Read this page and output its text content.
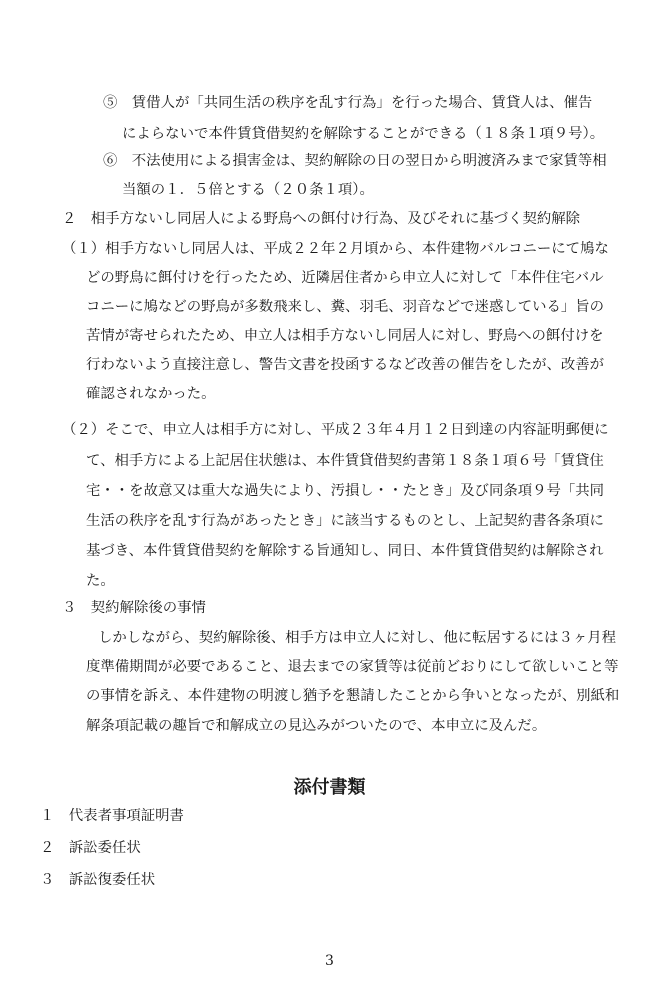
⑤　賃借人が「共同生活の秩序を乱す行為」を行った場合、賃貸人は、催告
によらないで本件賃貸借契約を解除することができる（１８条１項９号）。
⑥　不法使用による損害金は、契約解除の日の翌日から明渡済みまで家賃等相
当額の１．５倍とする（２０条１項）。
２　相手方ないし同居人による野鳥への餌付け行為、及びそれに基づく契約解除
（１）相手方ないし同居人は、平成２２年２月頃から、本件建物バルコニーにて鳩な
どの野鳥に餌付けを行ったため、近隣居住者から申立人に対して「本件住宅バル
コニーに鳩などの野鳥が多数飛来し、糞、羽毛、羽音などで迷惑している」旨の
苦情が寄せられたため、申立人は相手方ないし同居人に対し、野鳥への餌付けを
行わないよう直接注意し、警告文書を投函するなど改善の催告をしたが、改善が
確認されなかった。
（２）そこで、申立人は相手方に対し、平成２３年４月１２日到達の内容証明郵便に
て、相手方による上記居住状態は、本件賃貸借契約書第１８条１項６号「賃貸住
宅・・を故意又は重大な過失により、汚損し・・たとき」及び同条項９号「共同
生活の秩序を乱す行為があったとき」に該当するものとし、上記契約書各条項に
基づき、本件賃貸借契約を解除する旨通知し、同日、本件賃貸借契約は解除され
た。
３　契約解除後の事情
しかしながら、契約解除後、相手方は申立人に対し、他に転居するには３ヶ月程
度準備期間が必要であること、退去までの家賃等は従前どおりにして欲しいこと等
の事情を訴え、本件建物の明渡し猶予を懇請したことから争いとなったが、別紙和
解条項記載の趣旨で和解成立の見込みがついたので、本申立に及んだ。
添付書類
１　代表者事項証明書
２　訴訟委任状
３　訴訟復委任状
3
